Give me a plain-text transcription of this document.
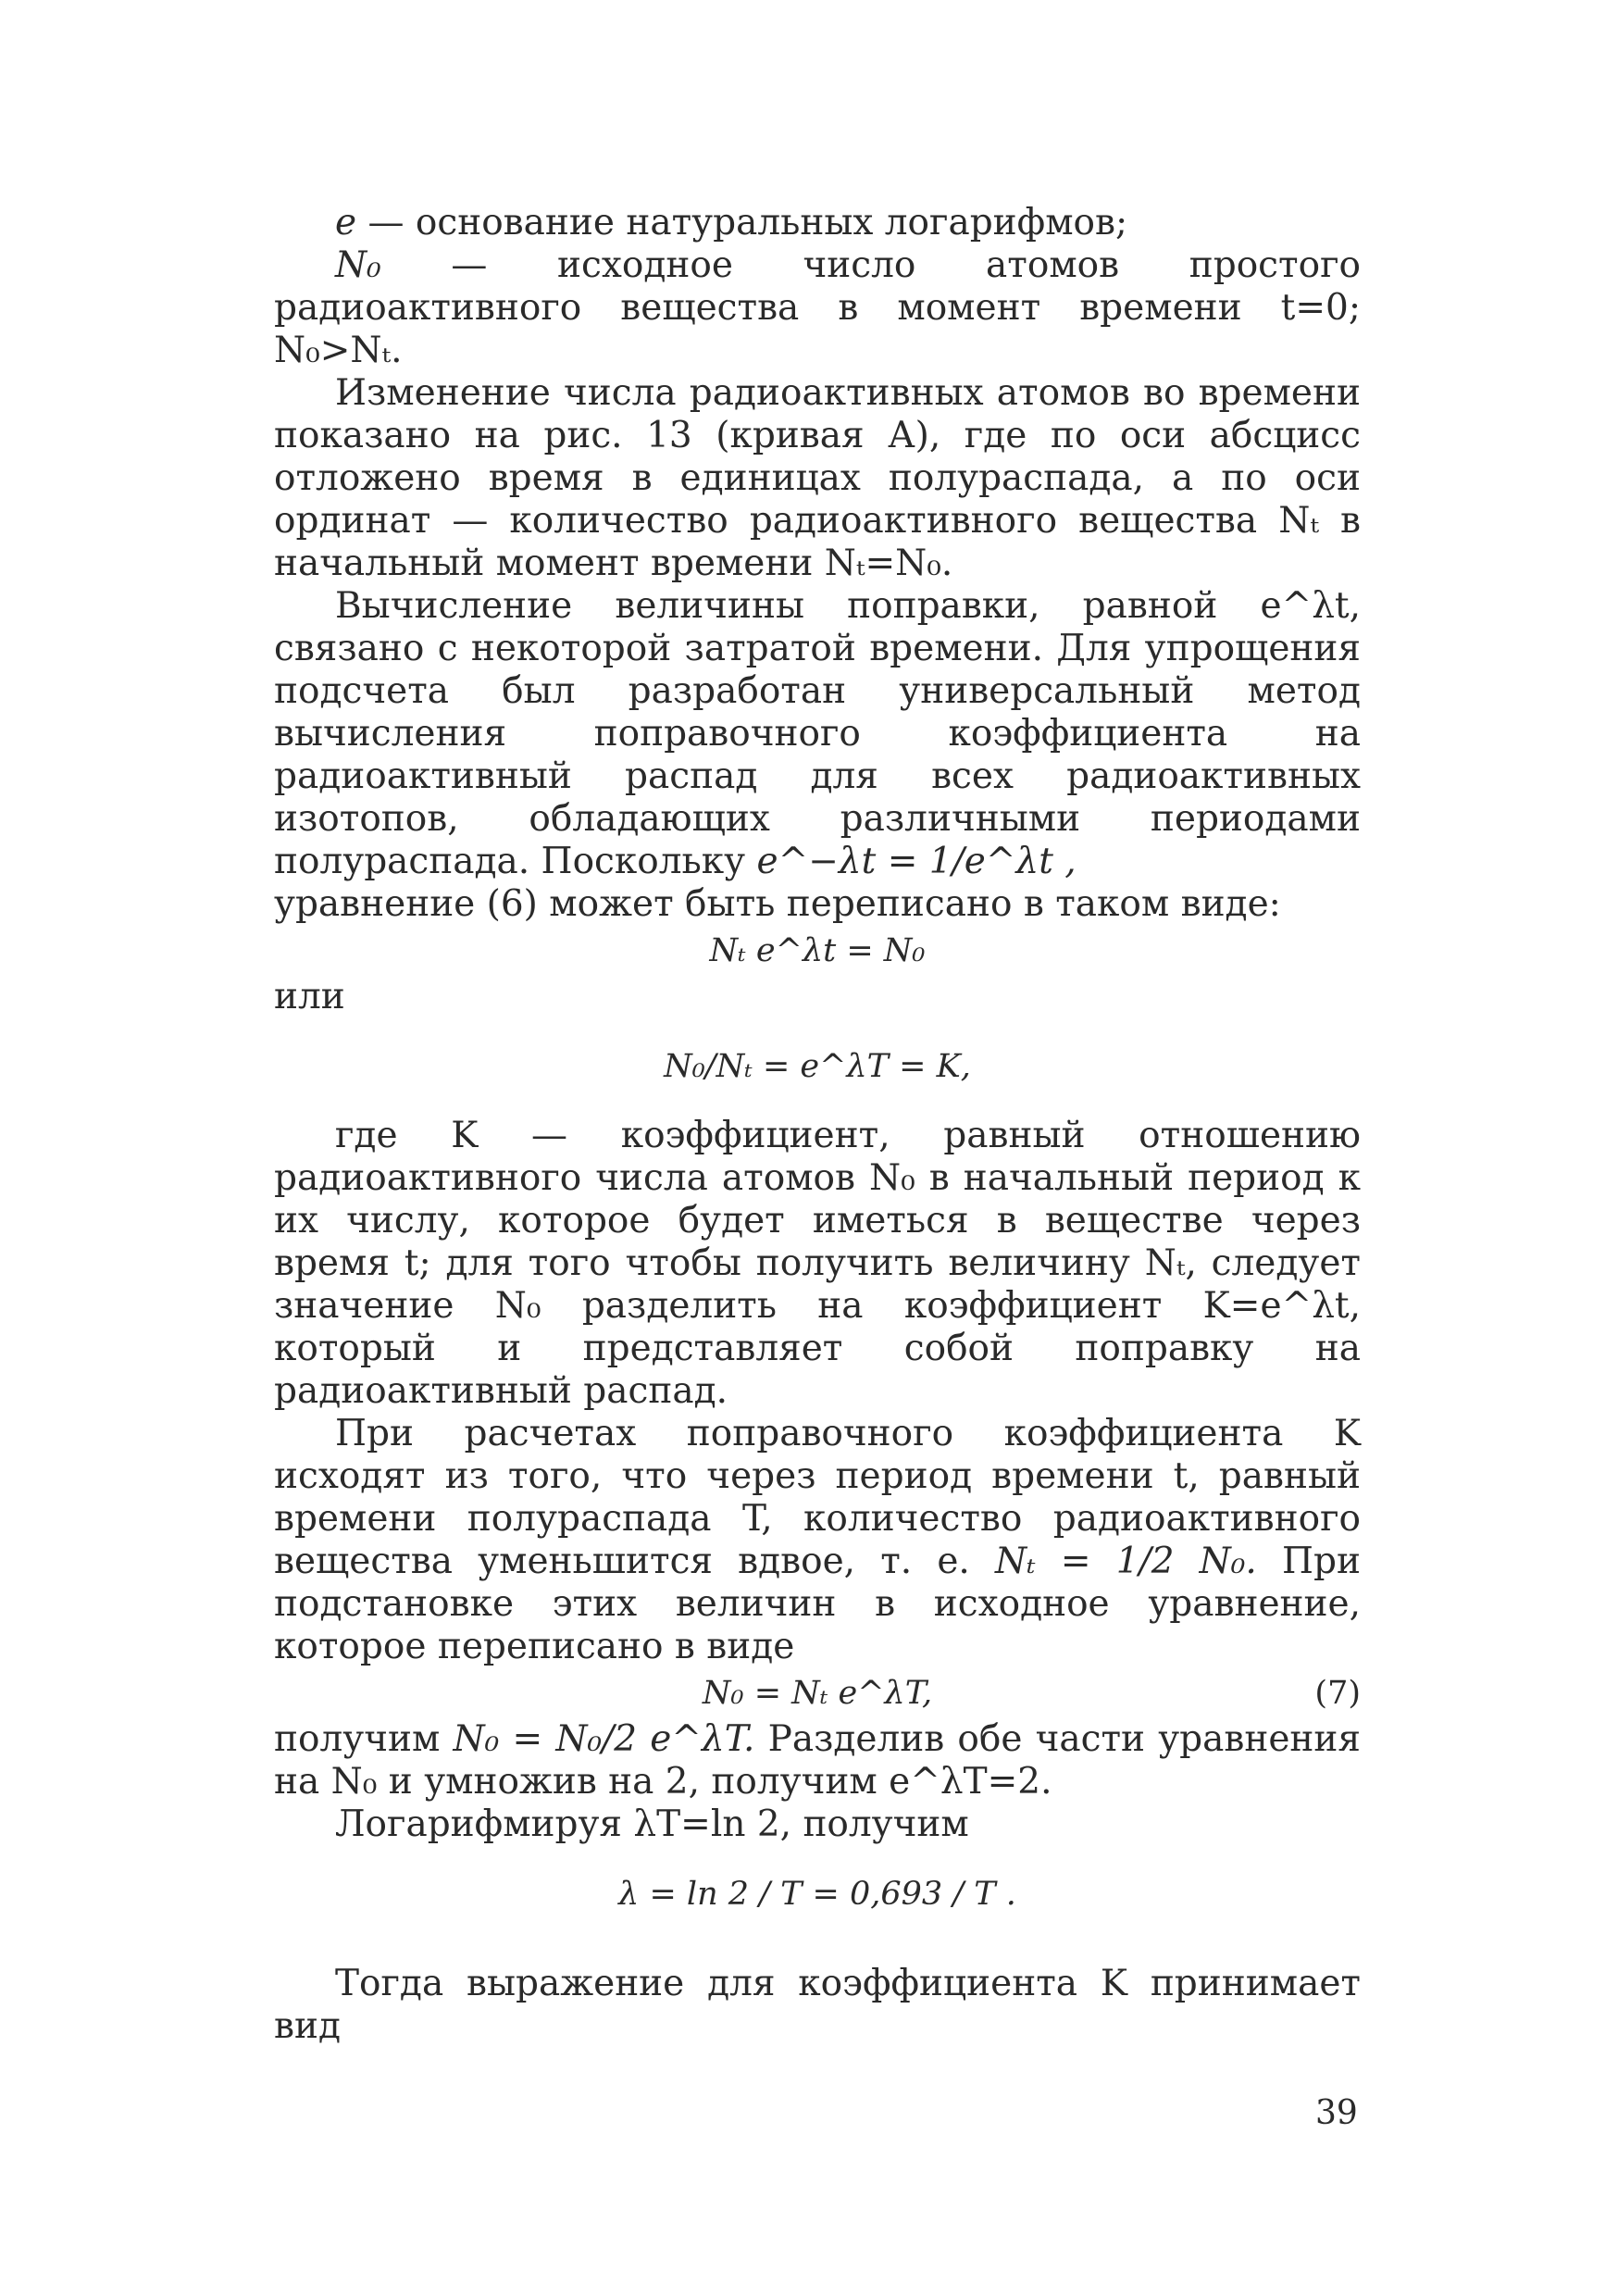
e — основание натуральных логарифмов;

N₀ — исходное число атомов простого радиоактивного вещества в момент времени t=0; N₀>Nₜ.

Изменение числа радиоактивных атомов во времени показано на рис. 13 (кривая А), где по оси абсцисс отложено время в единицах полураспада, а по оси ординат — количество радиоактивного вещества Nₜ в начальный момент времени Nₜ=N₀.

Вычисление величины поправки, равной e^λt, связано с некоторой затратой времени. Для упрощения подсчета был разработан универсальный метод вычисления поправочного коэффициента на радиоактивный распад для всех радиоактивных изотопов, обладающих различными периодами полураспада. Поскольку e^−λt = 1/e^λt ,

уравнение (6) может быть переписано в таком виде:

Nₜ e^λt = N₀

или

N₀/Nₜ = e^λT = K,

где K — коэффициент, равный отношению радиоактивного числа атомов N₀ в начальный период к их числу, которое будет иметься в веществе через время t; для того чтобы получить величину Nₜ, следует значение N₀ разделить на коэффициент K=e^λt, который и представляет собой поправку на радиоактивный распад.

При расчетах поправочного коэффициента K исходят из того, что через период времени t, равный времени полураспада T, количество радиоактивного вещества уменьшится вдвое, т. е. Nₜ = 1/2 N₀. При подстановке этих величин в исходное уравнение, которое переписано в виде

N₀ = Nₜ e^λT,	(7)

получим N₀ = N₀/2 e^λT. Разделив обе части уравнения на N₀ и умножив на 2, получим e^λT=2.

Логарифмируя λT=ln 2, получим

λ = ln 2 / T = 0,693 / T .

Тогда выражение для коэффициента K принимает вид

39
